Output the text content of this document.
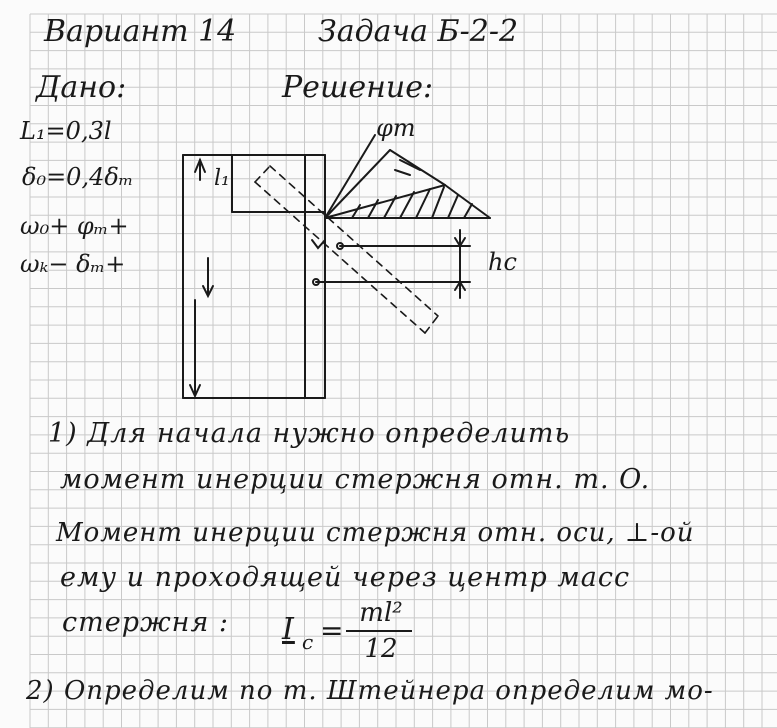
Вариант 14	Задача Б-2-2
Дано:	Решение:
L₁=0,3l
δ₀=0,4δₘ
ω₀+ φₘ+
ωₖ− δₘ+
φm
hc
l₁
1) Для начала нужно определить
момент инерции стержня отн. т. O.
Момент инерции стержня отн. оси, ⊥-ой
ему и проходящей через центр масс
стержня : I c =
ml²
12
2) Определим по т. Штейнера определим мо-
